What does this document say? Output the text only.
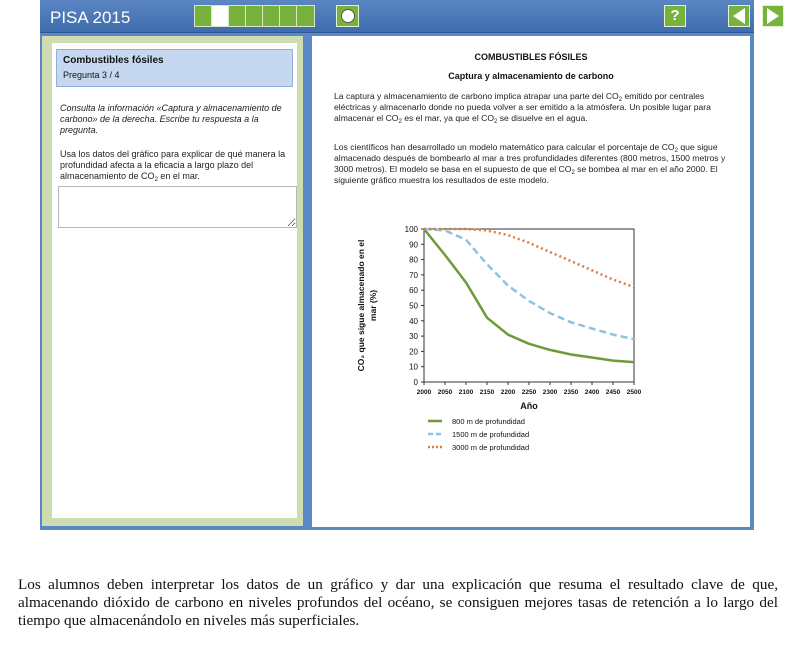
PISA 2015	?
Combustibles fósiles
Pregunta 3 / 4
Consulta la información «Captura y almacenamiento de carbono» de la derecha. Escribe tu respuesta a la pregunta.
Usa los datos del gráfico para explicar de qué manera la profundidad afecta a la eficacia a largo plazo del almacenamiento de $CO_2$ en el mar.
COMBUSTIBLES FÓSILES
Captura y almacenamiento de carbono
La captura y almacenamiento de carbono implica atrapar una parte del $CO_2$ emitido por centrales eléctricas y almacenarlo donde no pueda volver a ser emitido a la atmósfera. Un posible lugar para almacenar el $CO_2$ es el mar, ya que el $CO_2$ se disuelve en el agua.
Los científicos han desarrollado un modelo matemático para calcular el porcentaje de $CO_2$ que sigue almacenado después de bombearlo al mar a tres profundidades diferentes (800 metros, 1500 metros y 3000 metros). El modelo se basa en el supuesto de que el $CO_2$ se bombea al mar en el año 2000. El siguiente gráfico muestra los resultados de este modelo.
0
10
20
30
40
50
60
70
80
90
100
2000 2050 2100 2150 2200 2250 2300 2350 2400 2450 2500
Año
CO₂ que sigue almacenado en el mar (%)
800 m de profundidad
1500 m de profundidad
3000 m de profundidad
Los alumnos deben interpretar los datos de un gráfico y dar una explicación que resuma el resultado clave de que, almacenando dióxido de carbono en niveles profundos del océano, se consiguen mejores tasas de retención a lo largo del tiempo que almacenándolo en niveles más superficiales.
